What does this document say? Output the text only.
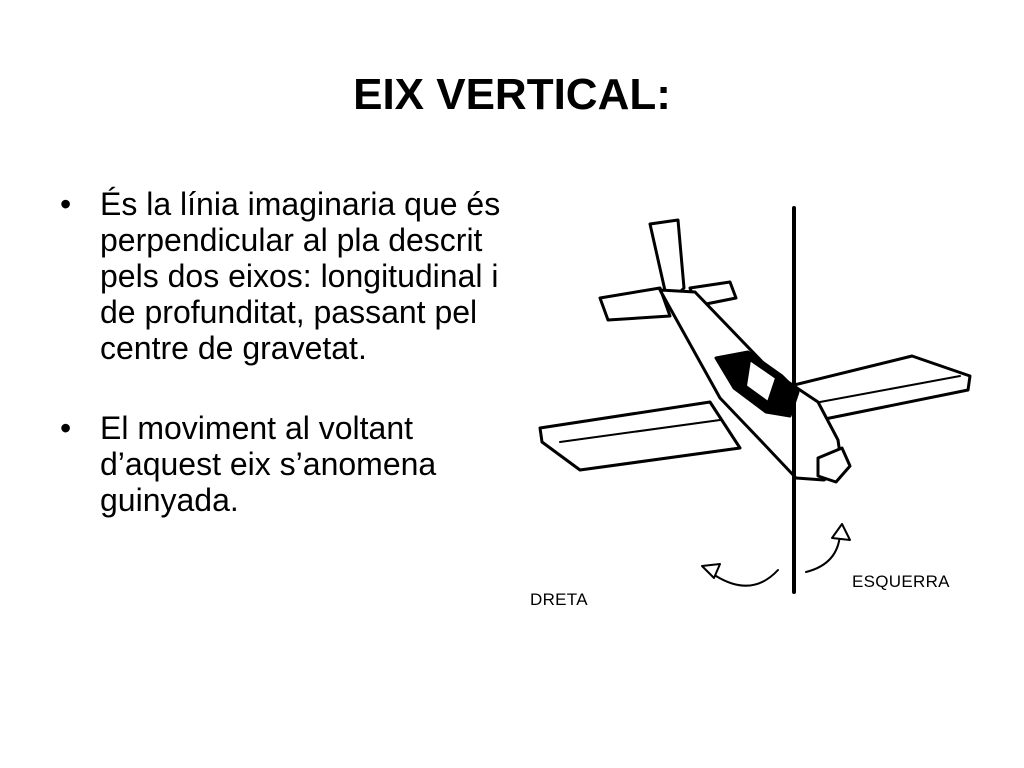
EIX VERTICAL:
• És la línia imaginaria que és perpendicular al pla descrit pels dos eixos: longitudinal i de profunditat, passant pel centre de gravetat.
• El moviment al voltant d’aquest eix s’anomena guinyada.
DRETA
ESQUERRA
